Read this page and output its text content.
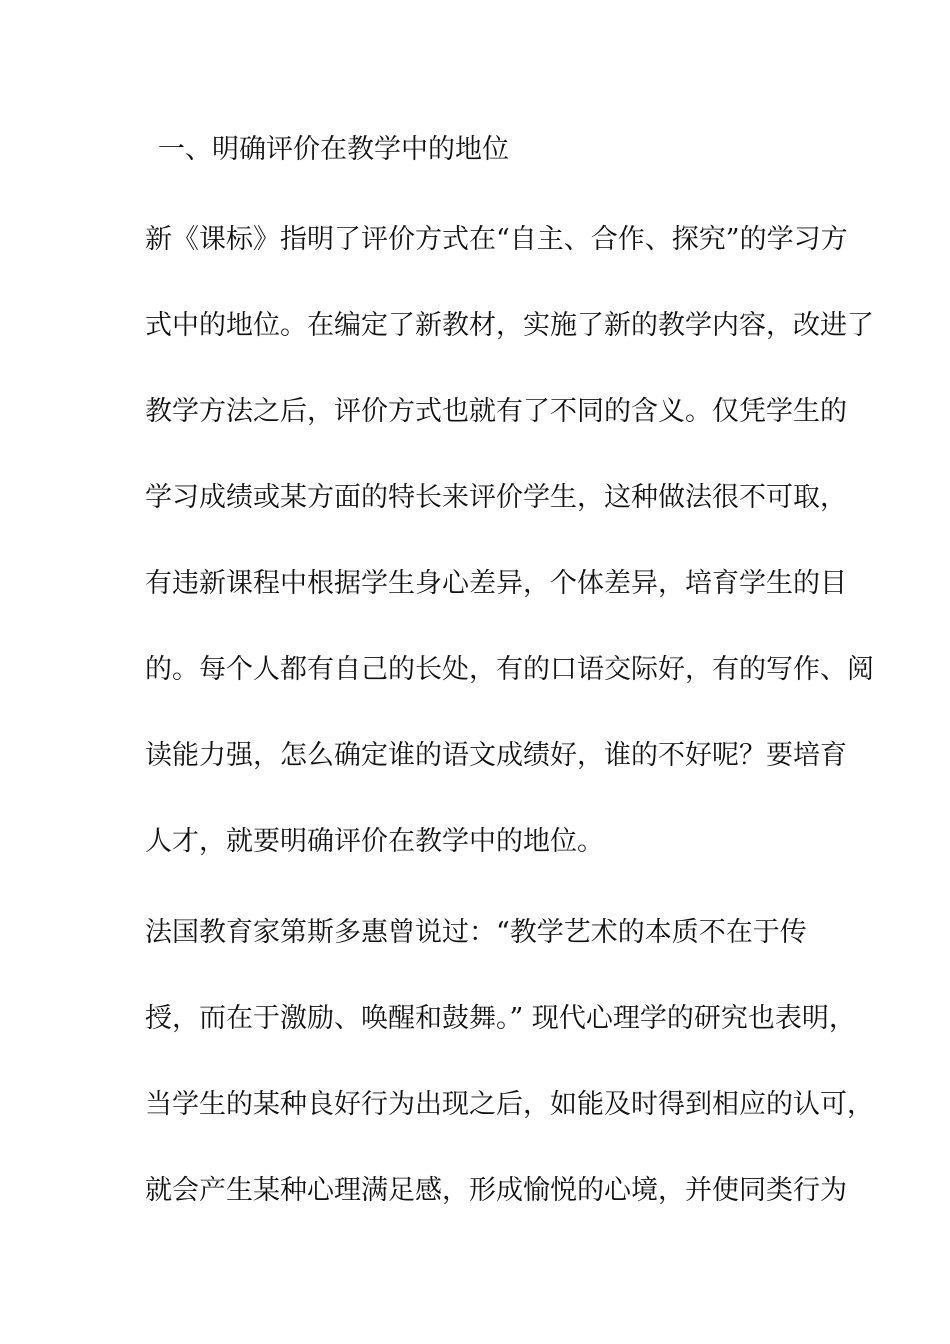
一、明确评价在教学中的地位
新《课标》指明了评价方式在“自主、合作、探究”的学习方
式中的地位。在编定了新教材，实施了新的教学内容，改进了
教学方法之后，评价方式也就有了不同的含义。仅凭学生的
学习成绩或某方面的特长来评价学生，这种做法很不可取，
有违新课程中根据学生身心差异，个体差异，培育学生的目
的。每个人都有自己的长处，有的口语交际好，有的写作、阅
读能力强，怎么确定谁的语文成绩好，谁的不好呢？要培育
人才，就要明确评价在教学中的地位。
法国教育家第斯多惠曾说过：“教学艺术的本质不在于传
授，而在于激励、唤醒和鼓舞。” 现代心理学的研究也表明，
当学生的某种良好行为出现之后，如能及时得到相应的认可，
就会产生某种心理满足感，形成愉悦的心境，并使同类行为
